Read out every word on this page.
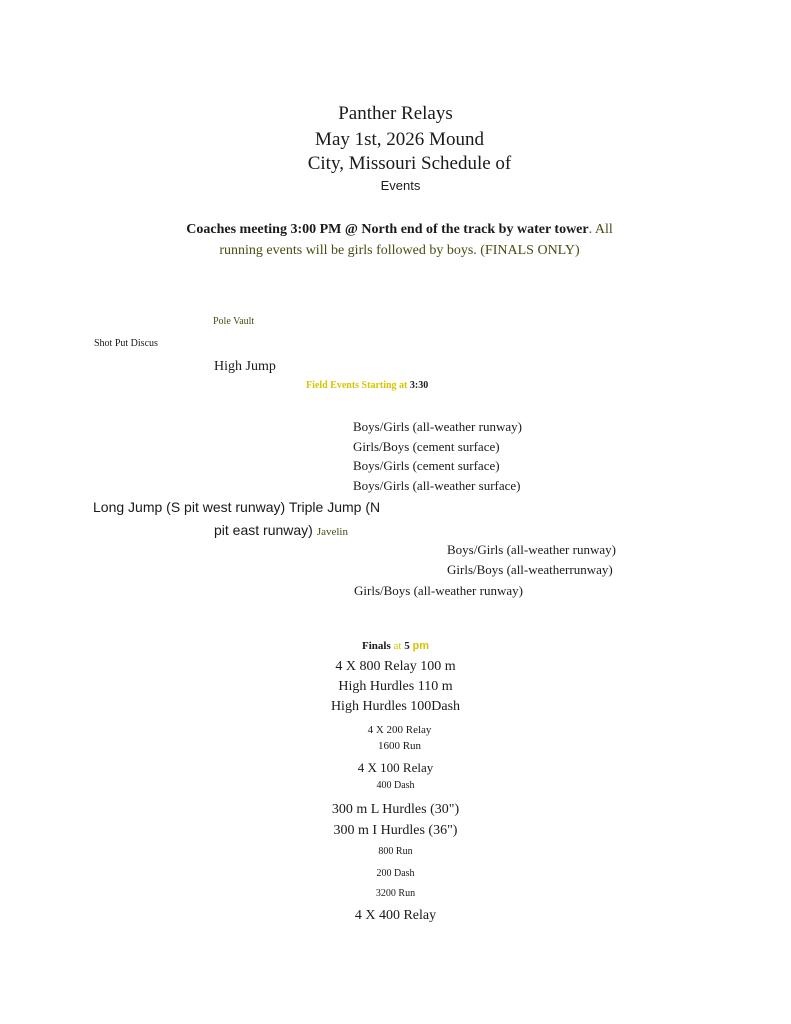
Panther Relays
May 1st, 2026 Mound
City, Missouri Schedule of
Events
Coaches meeting 3:00 PM @ North end of the track by water tower. All
running events will be girls followed by boys. (FINALS ONLY)
Pole Vault
Shot Put Discus
High Jump
Field Events Starting at 3:30
Boys/Girls (all-weather runway)
Girls/Boys (cement surface)
Boys/Girls (cement surface)
Boys/Girls (all-weather surface)
Long Jump (S pit west runway) Triple Jump (N
pit east runway) Javelin
Boys/Girls (all-weather runway)
Girls/Boys (all-weatherrunway)
Girls/Boys (all-weather runway)
Finals at 5 pm
4 X 800 Relay 100 m
High Hurdles 110 m
High Hurdles 100Dash
4 X 200 Relay
1600 Run
4 X 100 Relay
400 Dash
300 m L Hurdles (30")
300 m I Hurdles (36")
800 Run
200 Dash
3200 Run
4 X 400 Relay
